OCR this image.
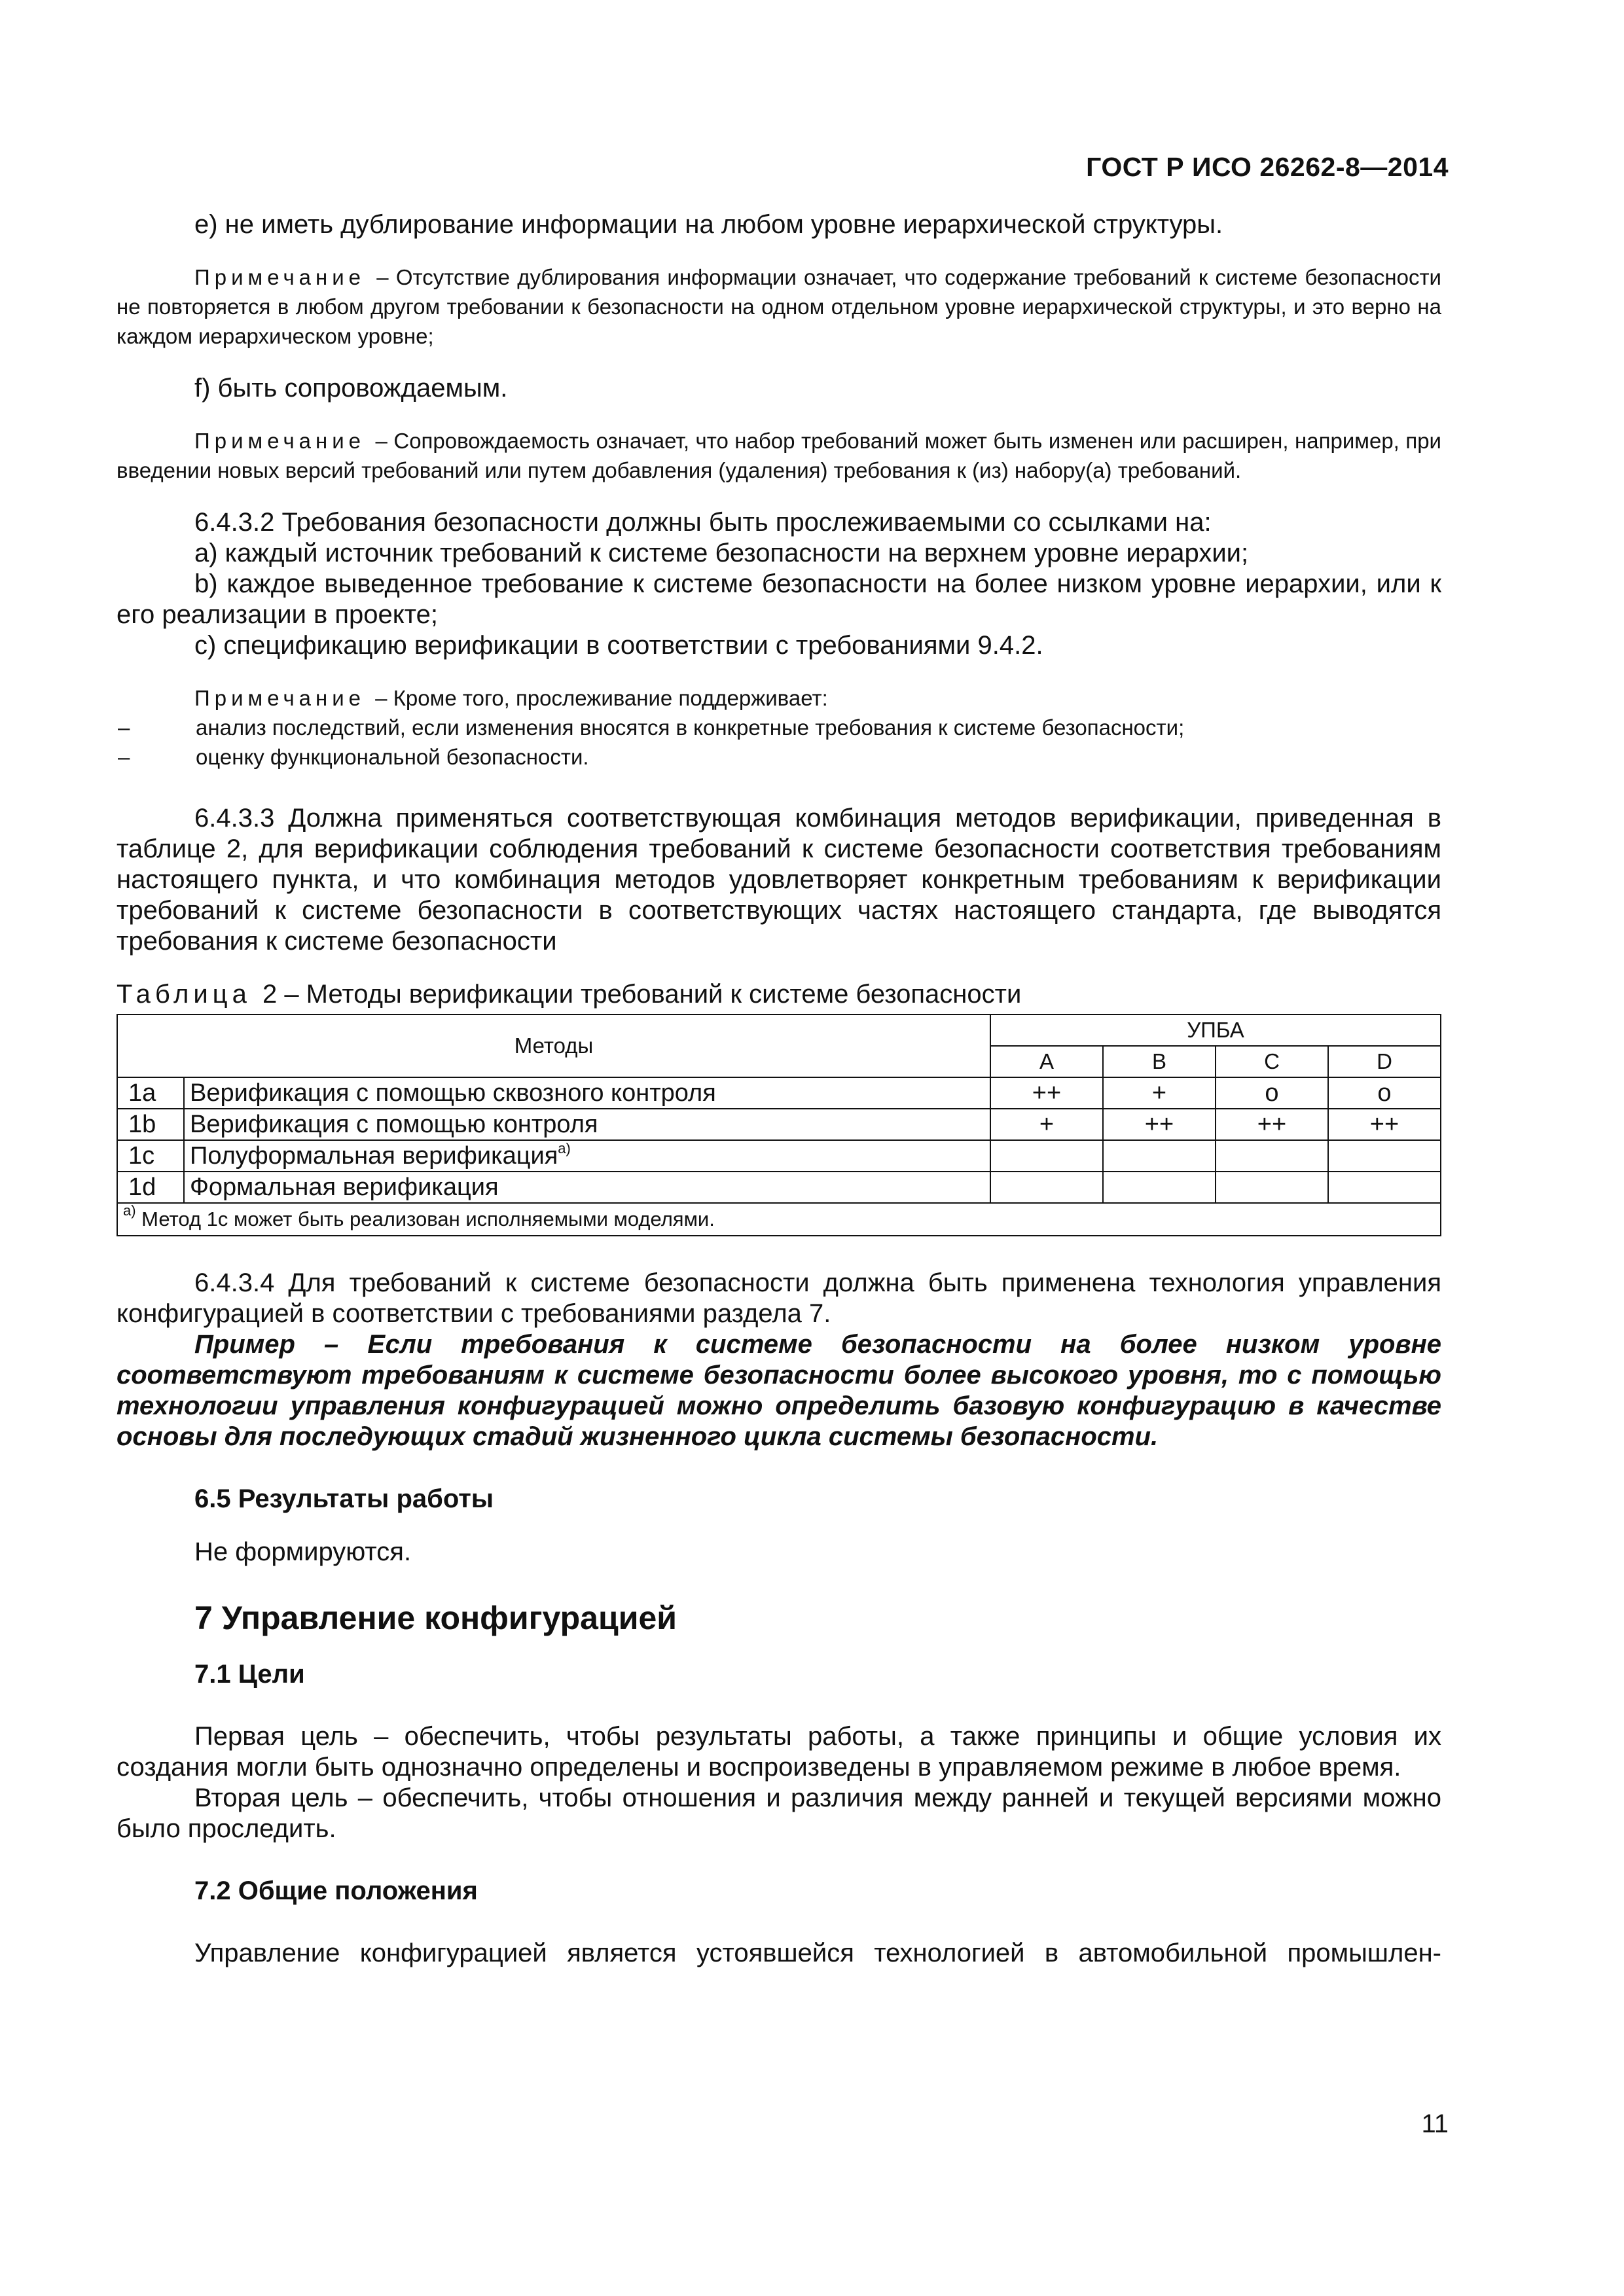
ГОСТ Р ИСО 26262-8—2014

е) не иметь дублирование информации на любом уровне иерархической структуры.

Примечание – Отсутствие дублирования информации означает, что содержание требований к системе безопасности не повторяется в любом другом требовании к безопасности на одном отдельном уровне иерархической структуры, и это верно на каждом иерархическом уровне;

f) быть сопровождаемым.

Примечание – Сопровождаемость означает, что набор требований может быть изменен или расширен, например, при введении новых версий требований или путем добавления (удаления) требования к (из) набору(а) требований.

6.4.3.2 Требования безопасности должны быть прослеживаемыми со ссылками на:

а) каждый источник требований к системе безопасности на верхнем уровне иерархии;

b) каждое выведенное требование к системе безопасности на более низком уровне иерархии, или к его реализации в проекте;

с) спецификацию верификации в соответствии с требованиями 9.4.2.

Примечание – Кроме того, прослеживание поддерживает:

–	анализ последствий, если изменения вносятся в конкретные требования к системе безопасности;
–	оценку функциональной безопасности.

6.4.3.3 Должна применяться соответствующая комбинация методов верификации, приведенная в таблице 2, для верификации соблюдения требований к системе безопасности соответствия требованиям настоящего пункта, и что комбинация методов удовлетворяет конкретным требованиям к верификации требований к системе безопасности в соответствующих частях настоящего стандарта, где выводятся требования к системе безопасности

Таблица 2 – Методы верификации требований к системе безопасности

Методы		УПБА			
		A	B	C	D
1a	Верификация с помощью сквозного контроля	++	+	o	o
1b	Верификация с помощью контроля	+	++	++	++
1c	Полуформальная верификация$^{a)}$				
1d	Формальная верификация				
$^{a)}$ Метод 1с может быть реализован исполняемыми моделями.					

6.4.3.4 Для требований к системе безопасности должна быть применена технология управления конфигурацией в соответствии с требованиями раздела 7.

Пример – Если требования к системе безопасности на более низком уровне соответствуют требованиям к системе безопасности более высокого уровня, то с помощью технологии управления конфигурацией можно определить базовую конфигурацию в качестве основы для последующих стадий жизненного цикла системы безопасности.

6.5 Результаты работы

Не формируются.

7 Управление конфигурацией

7.1 Цели

Первая цель – обеспечить, чтобы результаты работы, а также принципы и общие условия их создания могли быть однозначно определены и воспроизведены в управляемом режиме в любое время.

Вторая цель – обеспечить, чтобы отношения и различия между ранней и текущей версиями можно было проследить.

7.2 Общие положения

Управление конфигурацией является устоявшейся технологией в автомобильной промышлен-

11
